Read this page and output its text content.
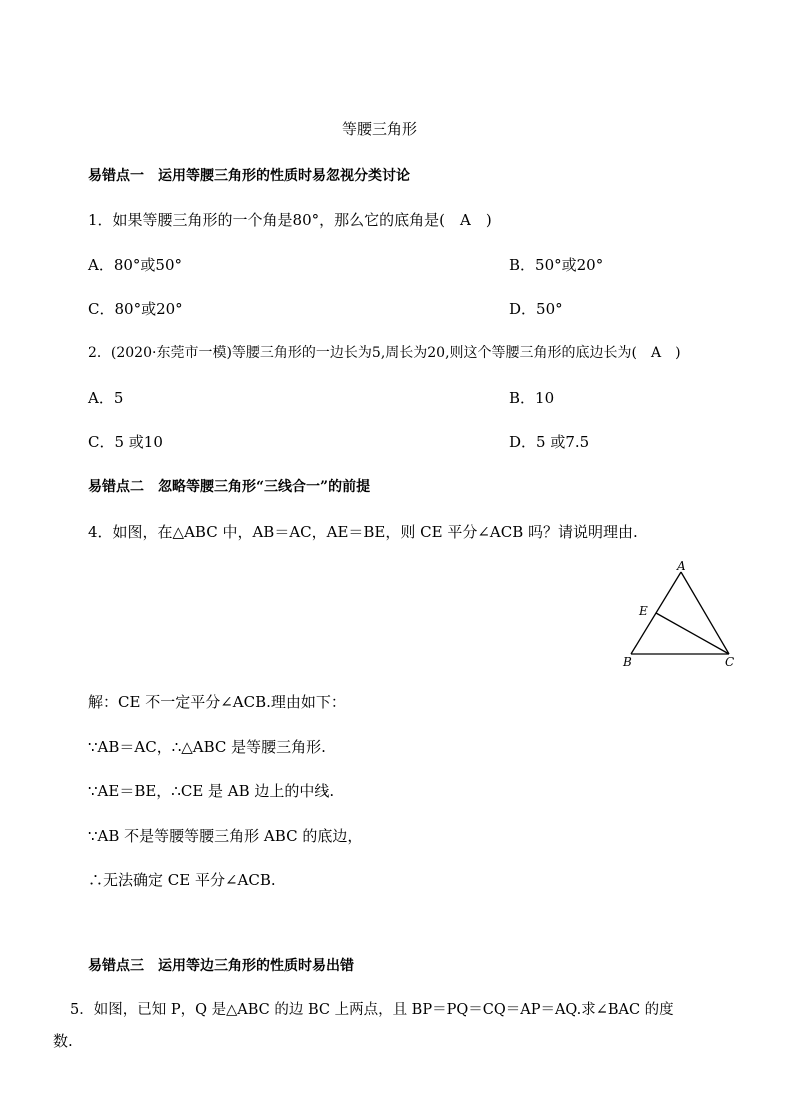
等腰三角形
易错点一　运用等腰三角形的性质时易忽视分类讨论
1．如果等腰三角形的一个角是80°，那么它的底角是(　A　)
A．80°或50°	B．50°或20°
C．80°或20°	D．50°
2．(2020·东莞市一模)等腰三角形的一边长为5,周长为20,则这个等腰三角形的底边长为(　A　)
A．5	B．10
C．5 或10	D．5 或7.5
易错点二　忽略等腰三角形“三线合一”的前提
4．如图，在△ABC 中，AB＝AC，AE＝BE，则 CE 平分∠ACB 吗？请说明理由.
A
E
B	C
解：CE 不一定平分∠ACB.理由如下：
∵AB＝AC，∴△ABC 是等腰三角形.
∵AE＝BE，∴CE 是 AB 边上的中线.
∵AB 不是等腰等腰三角形 ABC 的底边，
∴无法确定 CE 平分∠ACB.
易错点三　运用等边三角形的性质时易出错
5．如图，已知 P，Q 是△ABC 的边 BC 上两点，且 BP＝PQ＝CQ＝AP＝AQ.求∠BAC 的度
数.
